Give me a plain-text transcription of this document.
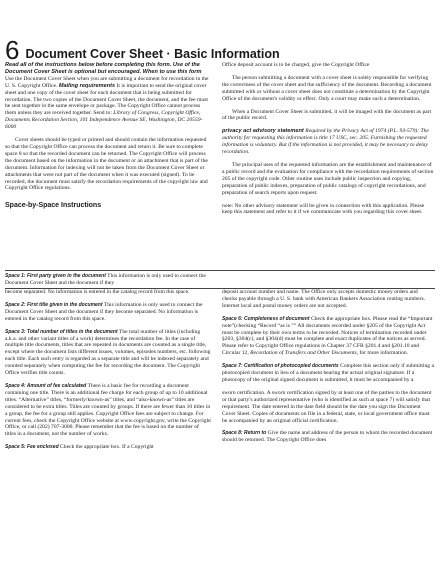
6 Document Cover Sheet · Basic Information

Read all of the instructions below before completing this form. Use of the Document Cover Sheet is optional but encouraged. When to use this form Use the Document Cover Sheet when you are submitting a document for recordation in the U. S. Copyright Office. Mailing requirements It is important to send the original cover sheet and one copy of the cover sheet for each document that is being submitted for recordation. The two copies of the Document Cover Sheet, the document, and the fee must be sent together in the same envelope or package. The Copyright Office cannot process them unless they are received together. Send to: Library of Congress, Copyright Office, Documents Recordation Section, 101 Independence Avenue SE, Washington, DC 20559-6000

Cover sheets should be typed or printed and should contain the information requested so that the Copyright Office can process the document and return it. Be sure to complete space 8 so that the recorded document can be returned. The Copyright Office will process the document based on the information in the document or an attachment that is part of the document. Information for indexing will not be taken from the Document Cover Sheet or attachments that were not part of the document when it was executed (signed). To be recorded, the document must satisfy the recordation requirements of the copyright law and Copyright Office regulations.

Space-by-Space Instructions
Space 1: First party given in the document This information is only used to connect the Document Cover Sheet and the document if they

become separated. No information is entered in the catalog record from this space.

Space 2: First title given in the document This information is only used to connect the Document Cover Sheet and the document if they become separated. No information is entered in the catalog record from this space.

Space 3: Total number of titles in the document The total number of titles (including a.k.a. and other variant titles of a work) determines the recordation fee. In the case of multiple title documents, titles that are repeated in documents are counted as a single title, except where the document lists different issues, volumes, episodes numbers, etc. following each title. Each such entry is regarded as a separate title and will be indexed separately and counted separately when computing the fee for recording the document. The Copyright Office verifies title counts.

Space 4: Amount of fee calculated There is a basic fee for recording a document containing one title. There is an additional fee charge for each group of up to 10 additional titles. “Alternative” titles, “formerly/known-as” titles, and “also-known-as” titles are considered to be extra titles. Titles are counted by groups. If there are fewer than 10 titles in a group, the fee for a group still applies. Copyright Office fees are subject to change. For current fees, check the Copyright Office website at www.copyright.gov, write the Copyright Office, or call (202) 707-3000. Please remember that the fee is based on the number of titles in a document, not the number of works.

Space 5: Fee enclosed Check the appropriate box. If a Copyright

Office deposit account is to be charged, give the Copyright Office

The person submitting a document with a cover sheet is solely responsible for verifying the correctness of the cover sheet and the sufficiency of the document. Recording a document submitted with or without a cover sheet does not constitute a determination by the Copyright Office of the document's validity or effect. Only a court may make such a determination.

When a Document Cover Sheet is submitted, it will be imaged with the document as part of the public record.

privacy act advisory statement Required by the Privacy Act of 1974 (P.L. 93-579): The authority for requesting this information is title 17 USC, sec. 205. Furnishing the requested information is voluntary. But if the information is not provided, it may be necessary to delay recordation.

The principal uses of the requested information are the establishment and maintenance of a public record and the evaluation for compliance with the recordation requirements of section 205 of the copyright code. Other routine uses include public inspection and copying, preparation of public indexes, preparation of public catalogs of copyright recordations, and preparation of search reports upon request.

note: No other advisory statement will be given in connection with this application. Please keep this statement and refer to it if we communicate with you regarding this cover sheet.

deposit account number and name. The Office only accepts domestic money orders and checks payable through a U. S. bank with American Bankers Association routing numbers. Internet local and postal money orders are not accepted.

Space 6: Completeness of document Check the appropriate box. Please read the “Important note”(checking “Record “as is ”” All documents recorded under §205 of the Copyright Act must be complete by their own terms to be recorded. Notices of termination recorded under §203, §304(c), and §304(d) must be complete and exact duplicates of the notices as served. Please refer to Copyright Office regulations in Chapter 37 CFR §201.4 and §201.10 and Circular 12, Recordation of Transfers and Other Documents, for more information.

Space 7: Certification of photocopied documents Complete this section only if submitting a photocopied document in lieu of a document bearing the actual original signature. If a photocopy of the original signed document is submitted, it must be accompanied by a

sworn certification. A sworn certification signed by at least one of the parties to the document or that party's authorized representative (who is identified as such at space 7) will satisfy that requirement. The date entered in the date field should be the date you sign the Document Cover Sheet. Copies of documents on file in a federal, state, or local government office must be accompanied by an original official certification.

Space 8: Return to Give the name and address of the person to whom the recorded document should be returned. The Copyright Office does
